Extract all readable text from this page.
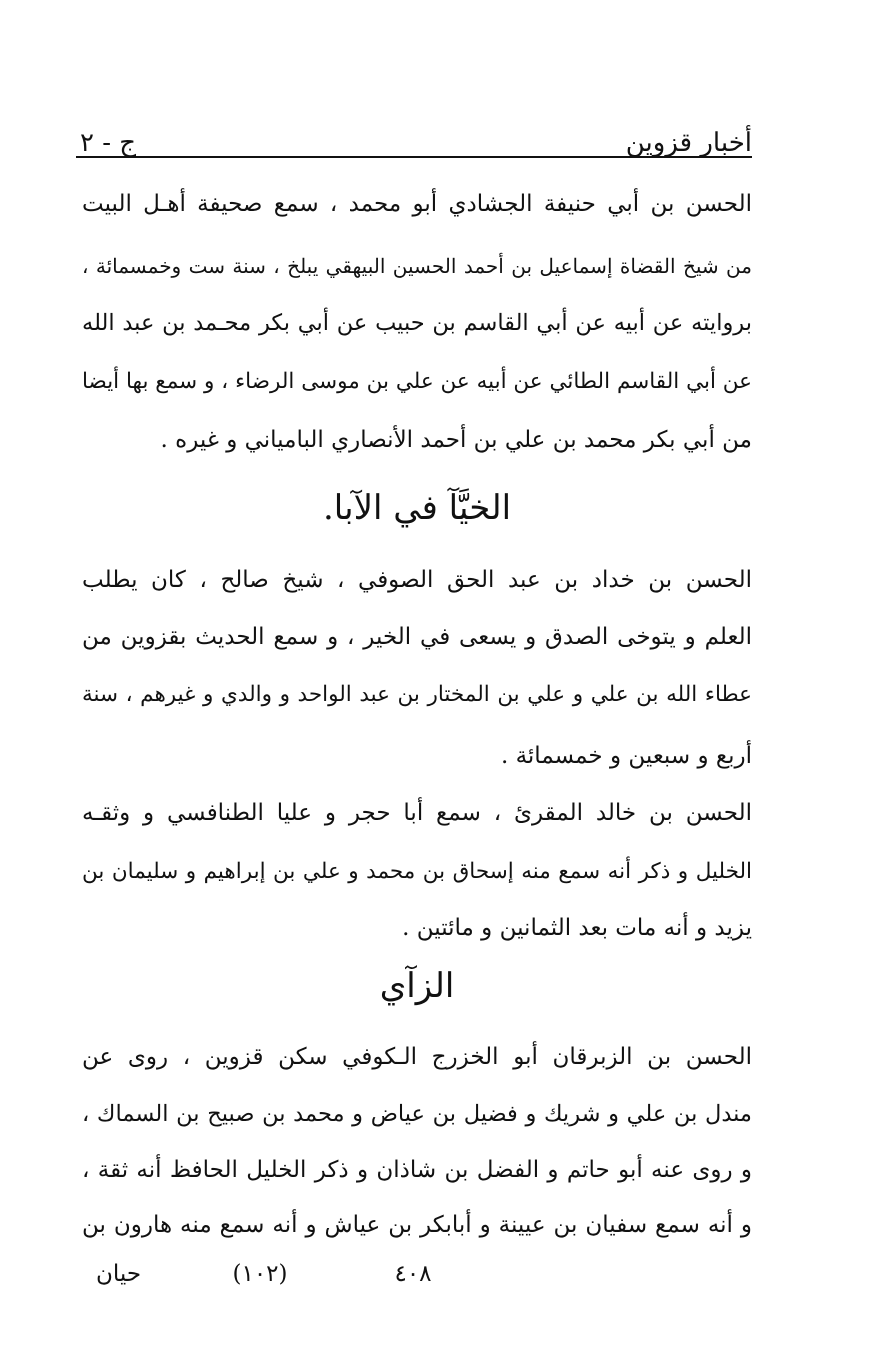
أخبار قزوين
ج - ٢
الحسن بن أبي حنيفة الجشادي أبو محمد ، سمع صحيفة أهـل البيت
من شيخ القضاة إسماعيل بن أحمد الحسين البيهقي يبلخ ، سنة ست وخمسمائة ،
بروايته عن أبيه عن أبي القاسم بن حبيب عن أبي بكر محـمد بن عبد الله
عن أبي القاسم الطائي عن أبيه عن علي بن موسى الرضاء ، و سمع بها أيضا
من أبي بكر محمد بن علي بن أحمد الأنصاري البامياني و غيره .
الخيَّآ في الآبا.
الحسن بن خداد بن عبد الحق الصوفي ، شيخ صالح ، كان يطلب
العلم و يتوخى الصدق و يسعى في الخير ، و سمع الحديث بقزوين من
عطاء الله بن علي و علي بن المختار بن عبد الواحد و والدي و غيرهم ، سنة
أربع و سبعين و خمسمائة .
الحسن بن خالد المقرئ ، سمع أبا حجر و عليا الطنافسي و وثقـه
الخليل و ذكر أنه سمع منه إسحاق بن محمد و علي بن إبراهيم و سليمان بن
يزيد و أنه مات بعد الثمانين و مائتين .
الزآي
الحسن بن الزبرقان أبو الخزرج الـكوفي سكن قزوين ، روى عن
مندل بن علي و شريك و فضيل بن عياض و محمد بن صبيح بن السماك ،
و روى عنه أبو حاتم و الفضل بن شاذان و ذكر الخليل الحافظ أنه ثقة ،
و أنه سمع سفيان بن عيينة و أبابكر بن عياش و أنه سمع منه هارون بن
٤٠٨
(١٠٢)
حيان
